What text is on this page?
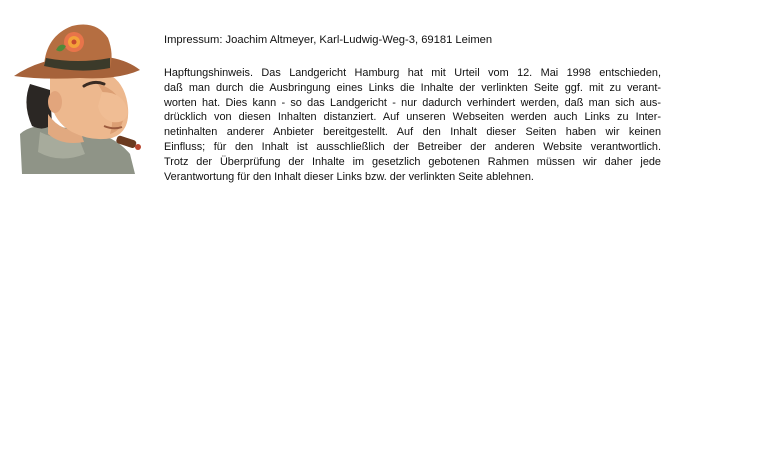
Impressum: Joachim Altmeyer, Karl-Ludwig-Weg-3, 69181 Leimen
Hapftungshinweis. Das Landgericht Hamburg hat mit Urteil vom 12. Mai 1998 entschieden,
daß man durch die Ausbringung eines Links die Inhalte der verlinkten Seite ggf. mit zu verant-
worten hat. Dies kann - so das Landgericht - nur dadurch verhindert werden, daß man sich aus-
drücklich von diesen Inhalten distanziert. Auf unseren Webseiten werden auch Links zu Inter-
netinhalten anderer Anbieter bereitgestellt. Auf den Inhalt dieser Seiten haben wir keinen
Einfluss; für den Inhalt ist ausschließlich der Betreiber der anderen Website verantwortlich.
Trotz der Überprüfung der Inhalte im gesetzlich gebotenen Rahmen müssen wir daher jede
Verantwortung für den Inhalt dieser Links bzw. der verlinkten Seite ablehnen.
